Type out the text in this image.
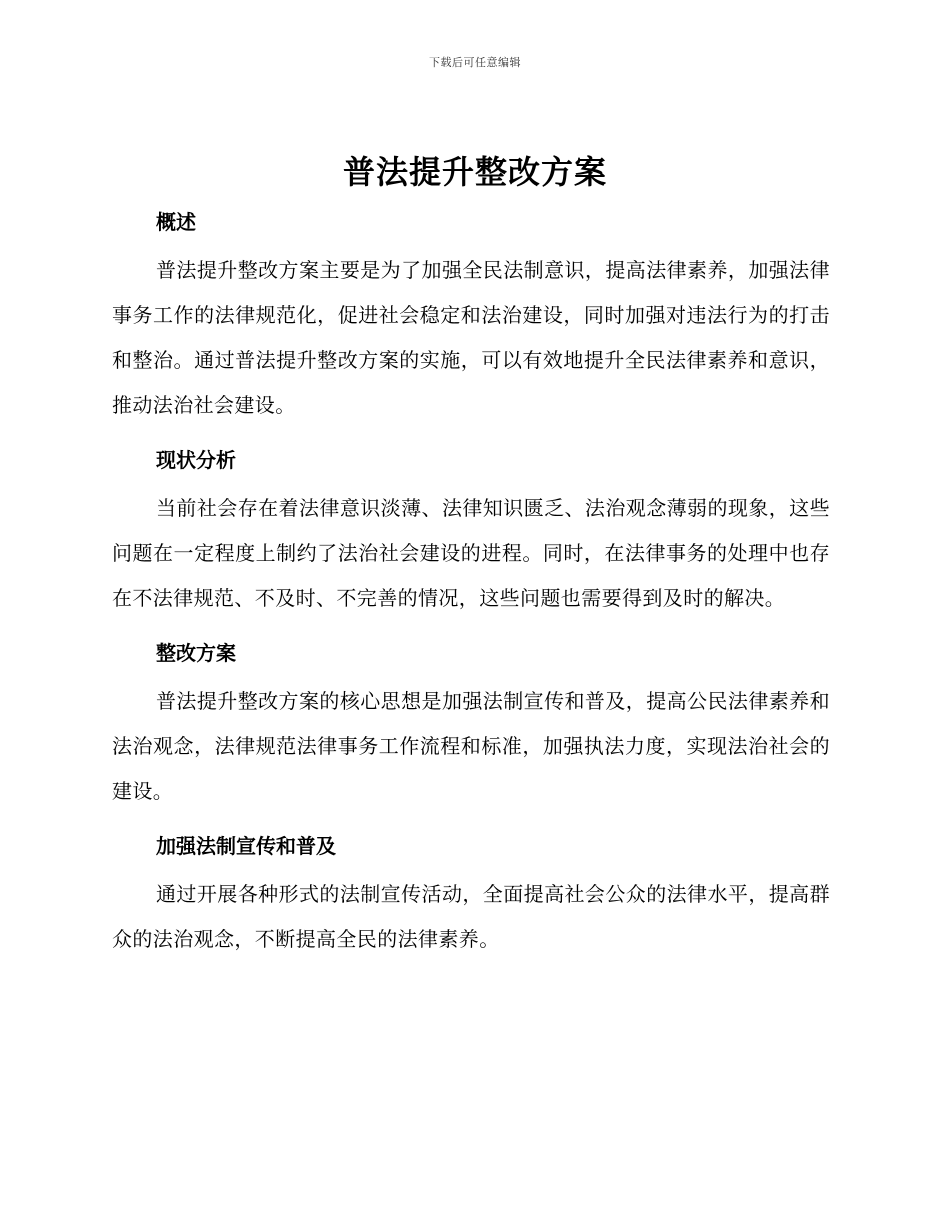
下载后可任意编辑
普法提升整改方案
概述

普法提升整改方案主要是为了加强全民法制意识，提高法律素养，加强法律事务工作的法律规范化，促进社会稳定和法治建设，同时加强对违法行为的打击和整治。通过普法提升整改方案的实施，可以有效地提升全民法律素养和意识，推动法治社会建设。

现状分析

当前社会存在着法律意识淡薄、法律知识匮乏、法治观念薄弱的现象，这些问题在一定程度上制约了法治社会建设的进程。同时，在法律事务的处理中也存在不法律规范、不及时、不完善的情况，这些问题也需要得到及时的解决。

整改方案

普法提升整改方案的核心思想是加强法制宣传和普及，提高公民法律素养和法治观念，法律规范法律事务工作流程和标准，加强执法力度，实现法治社会的建设。

加强法制宣传和普及

通过开展各种形式的法制宣传活动，全面提高社会公众的法律水平，提高群众的法治观念，不断提高全民的法律素养。
